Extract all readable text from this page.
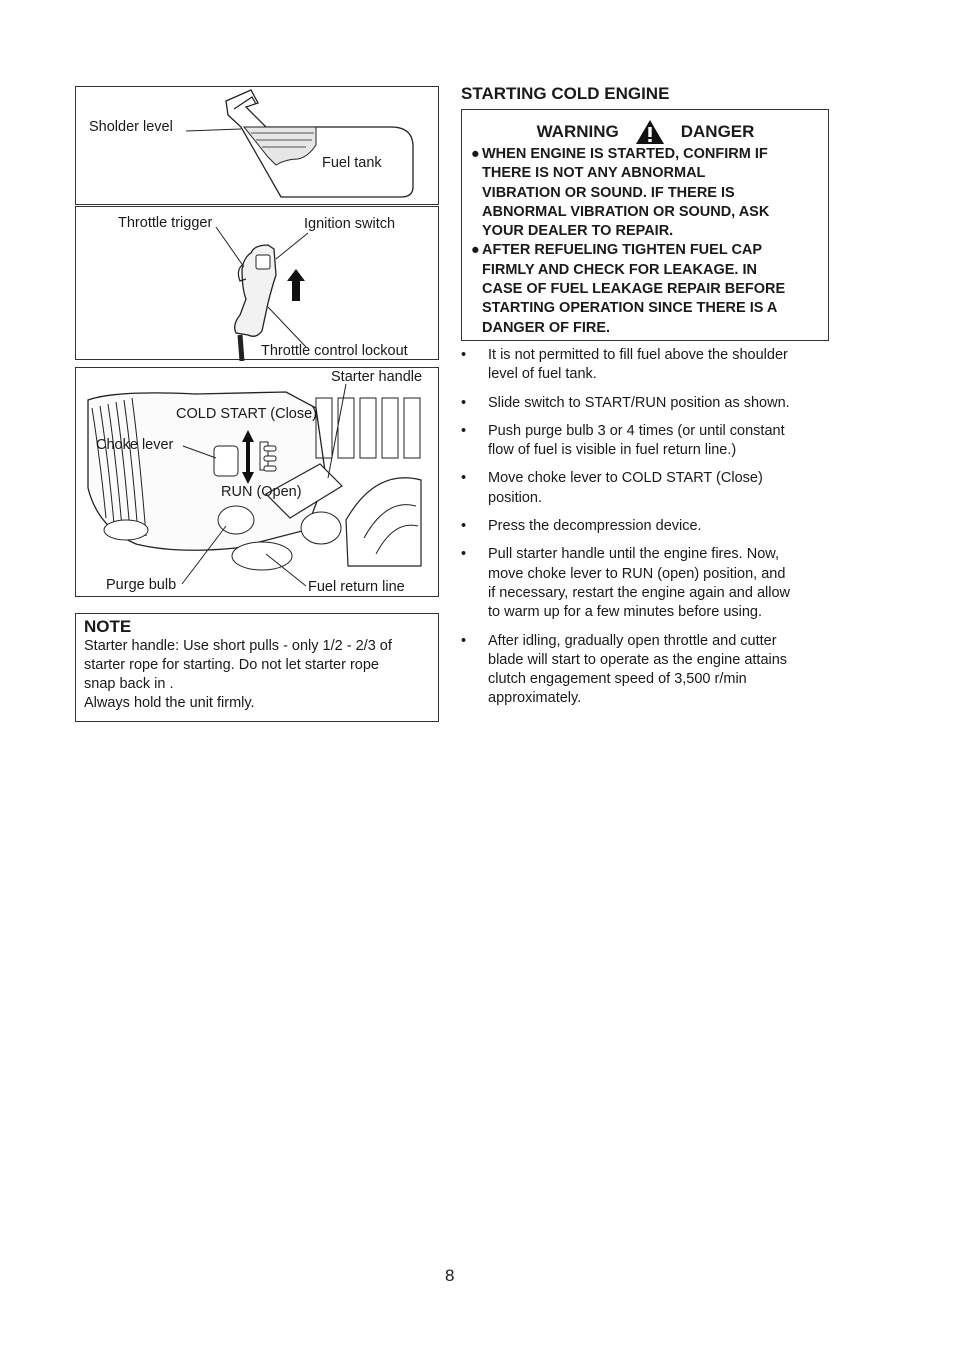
Sholder level
Fuel tank
Throttle trigger	Ignition switch
Throttle control lockout
Starter handle
COLD START (Close)
Choke lever
RUN (Open)
Purge bulb	Fuel return line
NOTE
Starter handle: Use short pulls - only 1/2 - 2/3 of
starter rope for starting. Do not let starter rope
snap back in .
Always hold the unit firmly.
STARTING COLD ENGINE
WARNING	DANGER
● WHEN ENGINE IS STARTED, CONFIRM IF
THERE IS NOT ANY ABNORMAL
VIBRATION OR SOUND. IF THERE IS
ABNORMAL VIBRATION OR SOUND, ASK
YOUR DEALER TO REPAIR.
● AFTER REFUELING TIGHTEN FUEL CAP
FIRMLY AND CHECK FOR LEAKAGE. IN
CASE OF FUEL LEAKAGE REPAIR BEFORE
STARTING OPERATION SINCE THERE IS A
DANGER OF FIRE.
• It is not permitted to fill fuel above the shoulder
level of fuel tank.
• Slide switch to START/RUN position as shown.
• Push purge bulb 3 or 4 times (or until constant
flow of fuel is visible in fuel return line.)
• Move choke lever to COLD START (Close)
position.
• Press the decompression device.
• Pull starter handle until the engine fires. Now,
move choke lever to RUN (open) position, and
if necessary, restart the engine again and allow
to warm up for a few minutes before using.
• After idling, gradually open throttle and cutter
blade will start to operate as the engine attains
clutch engagement speed of 3,500 r/min
approximately.
8
